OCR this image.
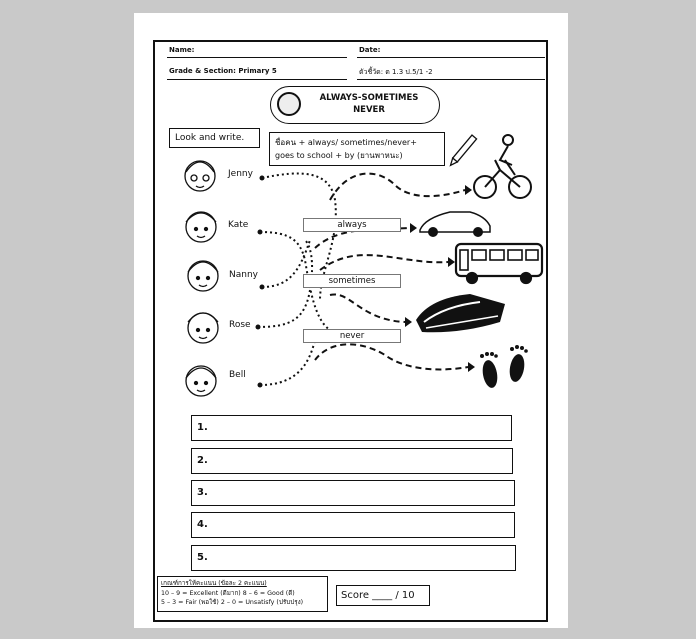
Name:	Date:
Grade & Section: Primary 5	ตัวชี้วัด: ต 1.3 ป.5/1 -2
ALWAYS-SOMETIMES
NEVER
Look and write.	ชื่อคน + always/ sometimes/never+
goes to school + by (ยานพาหนะ)
Jenny
Kate
Nanny
Rose
Bell
always
sometimes
never
1.
2.
3.
4.
5.
เกณฑ์การให้คะแนน (ข้อละ 2 คะแนน)
10 – 9 = Excellent (ดีมาก) 8 – 6 = Good (ดี)
5 – 3 = Fair (พอใช้) 2 – 0 = Unsatisfy (ปรับปรุง)
Score ____ / 10
